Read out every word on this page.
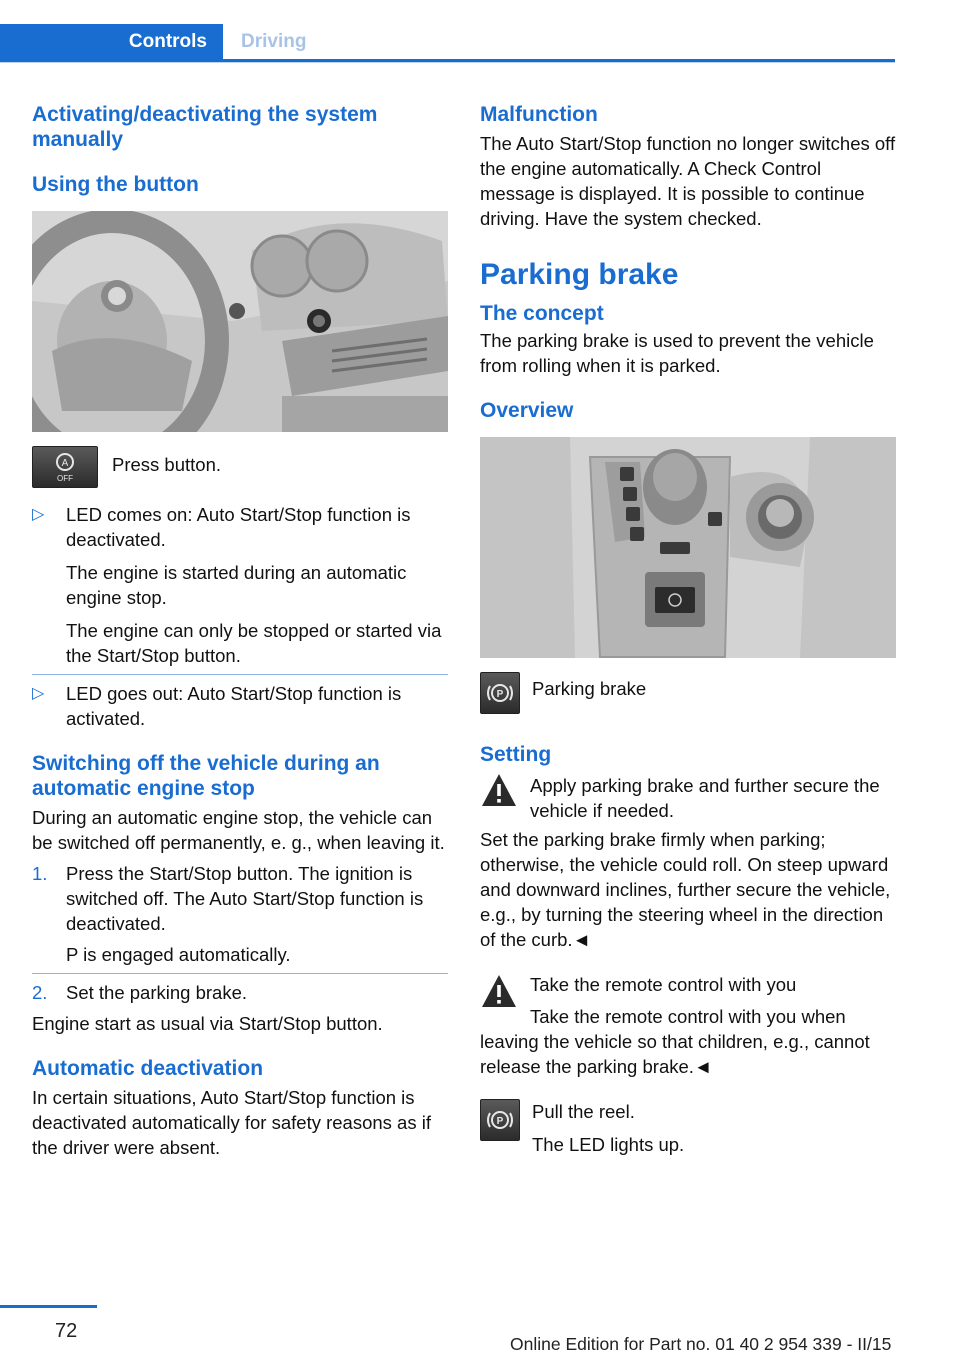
Controls	Driving

Activating/deactivating the system manually

Using the button

A
OFF

Press button.

▷ LED comes on: Auto Start/Stop function is deactivated.

The engine is started during an automatic engine stop.

The engine can only be stopped or started via the Start/Stop button.

▷ LED goes out: Auto Start/Stop function is activated.

Switching off the vehicle during an automatic engine stop

During an automatic engine stop, the vehicle can be switched off permanently, e. g., when leaving it.

1. Press the Start/Stop button. The ignition is switched off. The Auto Start/Stop function is deactivated.

P is engaged automatically.

2. Set the parking brake.

Engine start as usual via Start/Stop button.

Automatic deactivation

In certain situations, Auto Start/Stop function is deactivated automatically for safety reasons as if the driver were absent.

Malfunction

The Auto Start/Stop function no longer switches off the engine automatically. A Check Control message is displayed. It is possible to continue driving. Have the system checked.

Parking brake

The concept

The parking brake is used to prevent the vehicle from rolling when it is parked.

Overview

P Parking brake

Setting

Apply parking brake and further secure the vehicle if needed.

Set the parking brake firmly when parking; otherwise, the vehicle could roll. On steep upward and downward inclines, further secure the vehicle, e.g., by turning the steering wheel in the direction of the curb.◄

Take the remote control with you

Take the remote control with you when

leaving the vehicle so that children, e.g., cannot release the parking brake.◄

P Pull the reel.

The LED lights up.

72
Online Edition for Part no. 01 40 2 954 339 - II/15
